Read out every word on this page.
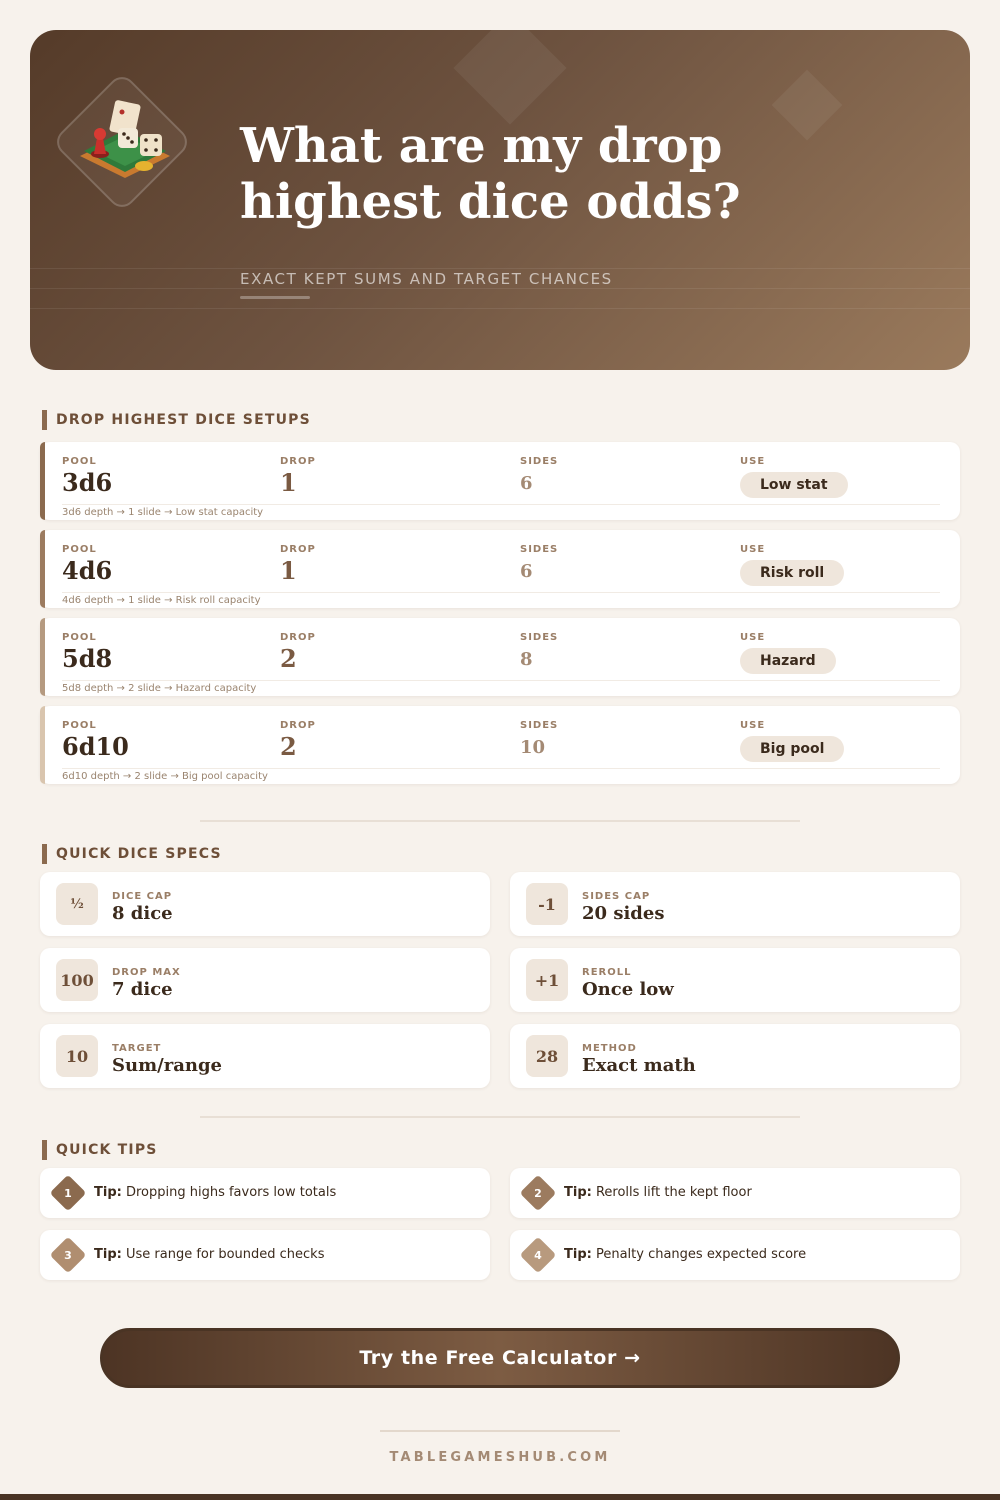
What are my drop highest dice odds?
EXACT KEPT SUMS AND TARGET CHANCES
DROP HIGHEST DICE SETUPS
POOL
3d6
DROP
1
SIDES
6
USE
Low stat
3d6 depth → 1 slide → Low stat capacity
POOL
4d6
DROP
1
SIDES
6
USE
Risk roll
4d6 depth → 1 slide → Risk roll capacity
POOL
5d8
DROP
2
SIDES
8
USE
Hazard
5d8 depth → 2 slide → Hazard capacity
POOL
6d10
DROP
2
SIDES
10
USE
Big pool
6d10 depth → 2 slide → Big pool capacity
QUICK DICE SPECS
½	DICE CAP
8 dice	-1	SIDES CAP
20 sides
100	DROP MAX
7 dice	+1	REROLL
Once low
10	TARGET
Sum/range	28	METHOD
Exact math
QUICK TIPS
1	Tip: Dropping highs favors low totals	2	Tip: Rerolls lift the kept floor
3	Tip: Use range for bounded checks	4	Tip: Penalty changes expected score
Try the Free Calculator →
TABLEGAMESHUB.COM
